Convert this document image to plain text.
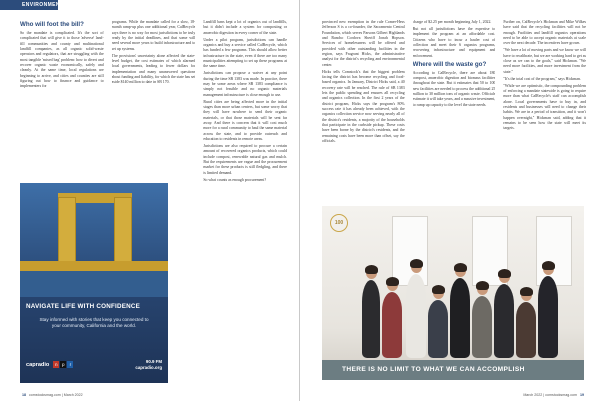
ENVIRONMENT
Who will foot the bill?

So the mandate is complicated. It's the sort of complicated that will give it to those 'adverse' land-fill communities and county and multinational landfill companies, as all organic solid-waste operators and regulators, that are struggling with the most tangible 'mixed bag' problem: how to divert and recover organic waste economically, safely and cleanly. At the same time, local regulations are beginning to arrive, and cities and counties are still figuring out how to finance and guidance to implementers for

programs. While the mandate called for a slow, 18-month ramp-up plus one additional year, CalRecycle says there is no way for most jurisdictions to be truly ready by the initial deadlines, and that some will need several more years to build infrastructure and to set up systems.

The provisions' uncertainty alone affected the state-level budget, the cost estimates of which alarmed local governments, leading to fewer dollars for implementation and many unanswered questions about funding and liability, for which the state has set aside $140 million to date in SB 170.

Landfill bans kept a lot of organics out of landfills, but it didn't include a system for composting or anaerobic digestion in every corner of the state.

Under a pilot program, jurisdictions can handle organics and buy a service called CalRecycle, which has funded a few programs. This should allow better infrastructure in the state, even if there are too many municipalities attempting to set up these programs at the same time.

Jurisdictions can propose a waiver at any point during the time SB 1383 was made. In practice, there may be some areas where SB 1383 compliance is simply not feasible and no organic materials management infrastructure is close enough to use.

Rural cities are being affected more in the initial stages than more urban centers, but some worry that they will have nowhere to send their organic materials, or that those materials will be sent far away. And there is concern that it will cost much more for a rural community to haul the same material across the state, and to provide outreach and education to residents in remote areas.

Jurisdictions are also required to procure a certain amount of recovered organics products, which could include compost, renewable natural gas and mulch. But the requirements are vague and the procurement market for these products is still fledgling, and there is limited demand.

So what counts as enough procurement?

NAVIGATE LIFE WITH CONFIDENCE
Stay informed with stories that keep you connected to your community, California and the world.
capradio	n p	r
90.9 FM
capradio.org
18 comstocksmag.com | March 2022

provinced new exemption in the rule Comer-Hess Jefferson S is a co-founder, the Sacramento Central Foundation, which serves Parsons Gilbert Highlands and Rancho Cordova Sheriff Jonah Hopson. Services of homelessness will be offered and provided with other outstanding facilities in the region, says Fragrant Hicks, the administrative analyst for the district's recycling and environmental center.

Hicks tells Comstock's that the biggest problem facing the district has become recycling and food-based organics. In January, District Hicks said, a 40 recovery rate will be reached. The rule of SB 1383 lets the public spending and ensures all recycling and organics collection. In the first 2 years of the district program, Hicks says the program's 80% success rate it has already been achieved, with the organics collection service now serving nearly all of the district's residents, a majority of the households that participate in the curbside pickup. These costs have been borne by the district's residents, and the remaining costs have been more than offset, say the officials.

charge of $2.25 per month beginning July 1, 2022.

But not all jurisdictions have the expertise to implement the program at an affordable cost. Citizens who have to incur a hauler cost of collection and meet their 6 organics programs, recovering infrastructure and equipment and enforcement.

Where will the waste go?

According to CalRecycle, there are about 180 compost, anaerobic digestion and biomass facilities throughout the state. But it estimates that 50 to 100 new facilities are needed to process the additional 25 million to 30 million tons of organic waste. Officials estimate it will take years, and a massive investment, to ramp up capacity to the level the state needs.

Further on, CalRecycle's Hickman and Mike Wilkes have said that the recycling facilities will not be enough. Facilities and landfill organics operations need to be able to accept organic materials at scale over the next decade. The incentives have grown.

"We have a lot of moving parts and we know we will have to recalibrate, but we are working hard to get as close as we can to the goals," said Hickman. "We need more facilities, and more investment from the state."

"It's the total cost of the program," says Hickman.

"While we are optimistic, the compounding problem of enforcing a mandate statewide is going to require more than what CalRecycle's staff can accomplish alone. Local governments have to buy in, and residents and businesses will need to change their habits. We are in a period of transition, and it won't happen overnight," Hickman said, adding that it remains to be seen how the state will meet its targets.

100
THERE IS NO LIMIT TO WHAT WE CAN ACCOMPLISH
March 2022 | comstocksmag.com 19
